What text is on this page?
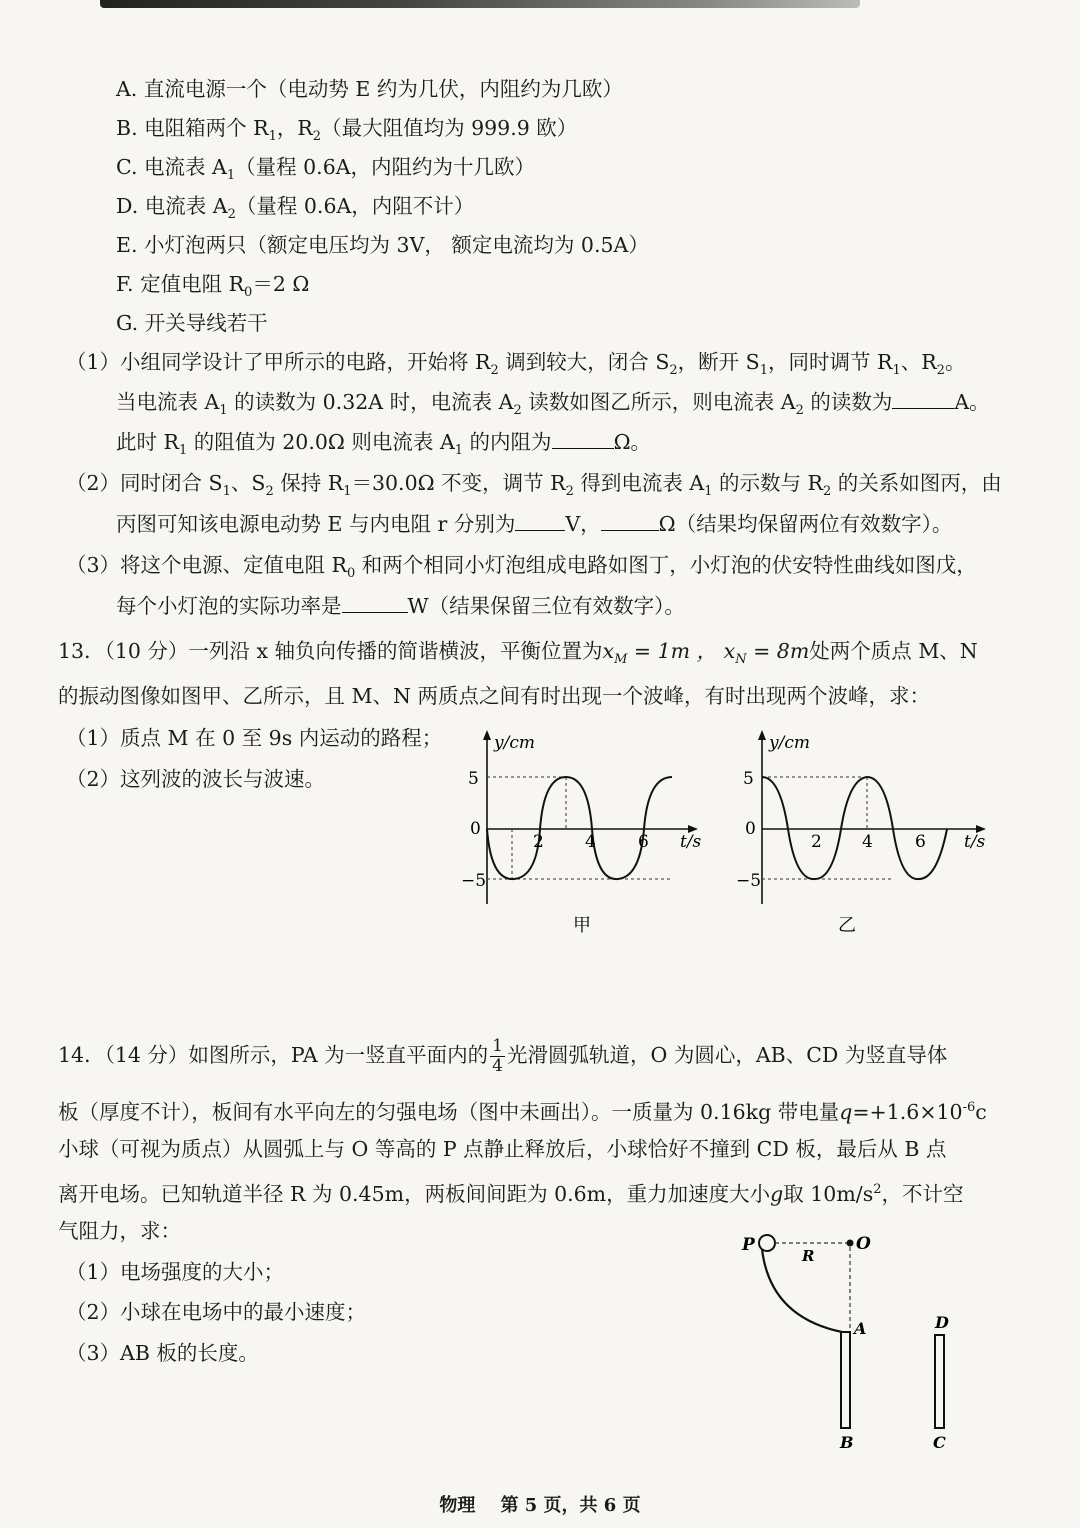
A. 直流电源一个（电动势 E 约为几伏，内阻约为几欧）
B. 电阻箱两个 $R_1$，$R_2$（最大阻值均为 999.9 欧）
C. 电流表 $A_1$（量程 0.6A，内阻约为十几欧）
D. 电流表 $A_2$（量程 0.6A，内阻不计）
E. 小灯泡两只（额定电压均为 3V， 额定电流均为 0.5A）
F. 定值电阻 $R_0=2$ Ω
G. 开关导线若干
（1）小组同学设计了甲所示的电路，开始将 $R_2$ 调到较大，闭合 $S_2$，断开 $S_1$，同时调节 $R_1$、$R_2$。
当电流表 $A_1$ 的读数为 0.32A 时，电流表 $A_2$ 读数如图乙所示，则电流表 $A_2$ 的读数为	A。
此时 $R_1$ 的阻值为 20.0Ω 则电流表 $A_1$ 的内阻为	Ω。
（2）同时闭合 $S_1$、$S_2$ 保持 $R_1=30.0\Omega$ 不变，调节 $R_2$ 得到电流表 $A_1$ 的示数与 $R_2$ 的关系如图丙，由
丙图可知该电源电动势 E 与内电阻 r 分别为 V，	Ω（结果均保留两位有效数字）。
（3）将这个电源、定值电阻 $R_0$ 和两个相同小灯泡组成电路如图丁，小灯泡的伏安特性曲线如图戊，
每个小灯泡的实际功率是	W（结果保留三位有效数字）。
13．（10 分）一列沿 x 轴负向传播的简谐横波，平衡位置为$x_M = 1m$ ， $x_N = 8m$处两个质点 M、N
的振动图像如图甲、乙所示，且 M、N 两质点之间有时出现一个波峰，有时出现两个波峰，求：
（1）质点 M 在 0 至 9s 内运动的路程；
（2）这列波的波长与波速。
y/cm
5
0
−5
2 4 6 t/s
甲
y/cm
5
0
−5
2 4 6 t/s
乙
14．（14 分）如图所示，PA 为一竖直平面内的 $\frac{1}{4}$ 光滑圆弧轨道，O 为圆心，AB、CD 为竖直导体
板（厚度不计），板间有水平向左的匀强电场（图中未画出）。一质量为 0.16kg 带电量$q=+1.6\times 10^{-6}c$
小球（可视为质点）从圆弧上与 O 等高的 P 点静止释放后，小球恰好不撞到 CD 板，最后从 B 点
离开电场。已知轨道半径 R 为 0.45m，两板间间距为 0.6m，重力加速度大小g取 $10m/s^2$，不计空
气阻力，求：
（1）电场强度的大小；
（2）小球在电场中的最小速度；
（3）AB 板的长度。
P	O
R
A
B	C
D
物理 第 5 页，共 6 页
